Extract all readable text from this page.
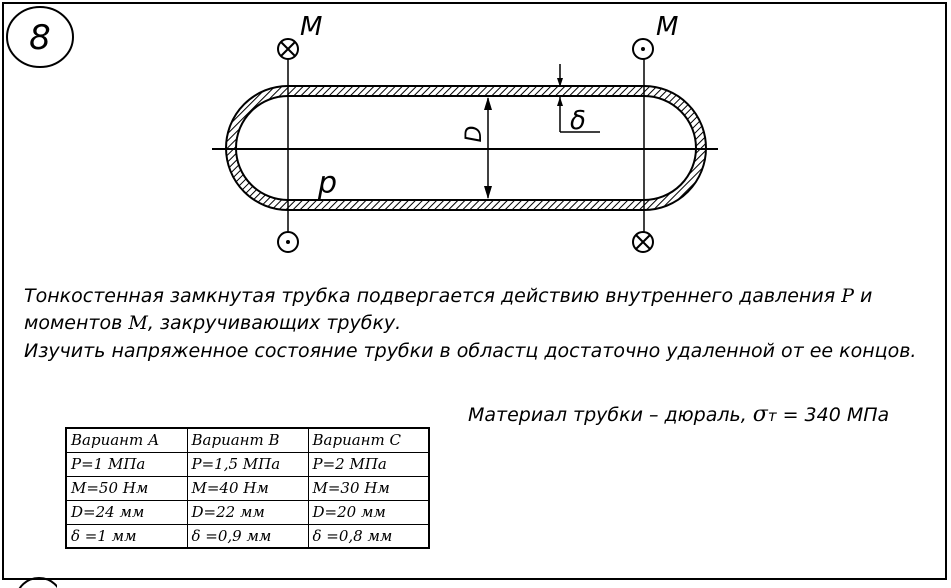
8	M	M
D	δ
p
Тонкостенная замкнутая трубка подвергается действию внутреннего давления P и
моментов M, закручивающих трубку.
Изучить напряженное состояние трубки в областц достаточно удаленной от ее концов.
Материал трубки – дюраль, σт = 340 МПа
Вариант А	Вариант В	Вариант С
P=1 МПа	P=1,5 МПа	P=2 МПа
M=50 Нм	M=40 Нм	M=30 Нм
D=24 мм	D=22 мм	D=20 мм
δ =1 мм	δ =0,9 мм	δ =0,8 мм
